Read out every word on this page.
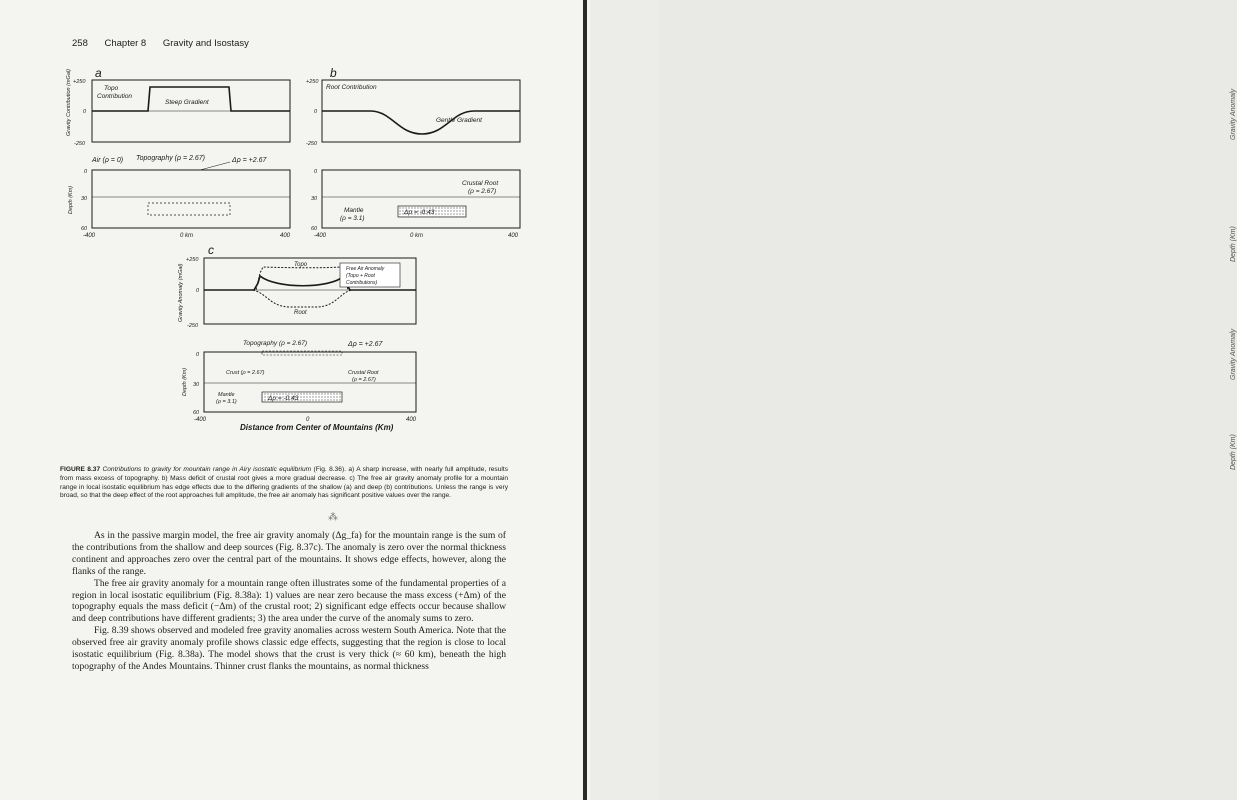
Gravity Anomaly
Depth (Km)
Gravity Anomaly
Depth (Km)
258 Chapter 8 Gravity and Isostasy
a
+250
0
-250
Gravity Contribution (mGal)	Topo
Contribution
Steep Gradient
Air (ρ = 0) Topography (ρ = 2.67)	Δρ = +2.67
0
30
60
Depth (Km)
-400	0 km	400
b
+250
0
-250
Root Contribution
Gentle Gradient
0
30
60
-400	0 km	400
Crustal Root
(ρ = 2.67)
Mantle
(ρ = 3.1)
Δρ = -0.43
c
+250
0
-250
Gravity Anomaly (mGal)	Topo
Root
Free Air Anomaly
(Topo + Root
Contributions)
Topography (ρ = 2.67)	Δρ = +2.67
0
30
60
Depth (Km)	Crust (ρ = 2.67)	Crustal Root
(ρ = 2.67)
Mantle
(ρ = 3.1)	Δρ = -0.43
-400	0	400
Distance from Center of Mountains (Km)
FIGURE 8.37 Contributions to gravity for mountain range in Airy isostatic equilibrium (Fig. 8.36). a) A sharp increase, with nearly full amplitude, results from mass excess of topography. b) Mass deficit of crustal root gives a more gradual decrease. c) The free air gravity anomaly profile for a mountain range in local isostatic equilibrium has edge effects due to the differing gradients of the shallow (a) and deep (b) contributions. Unless the range is very broad, so that the deep effect of the root approaches full amplitude, the free air anomaly has significant positive values over the range.
⁂

As in the passive margin model, the free air gravity anomaly (Δg_fa) for the mountain range is the sum of the contributions from the shallow and deep sources (Fig. 8.37c). The anomaly is zero over the normal thickness continent and approaches zero over the central part of the mountains. It shows edge effects, however, along the flanks of the range.

The free air gravity anomaly for a mountain range often illustrates some of the fundamental properties of a region in local isostatic equilibrium (Fig. 8.38a): 1) values are near zero because the mass excess (+Δm) of the topography equals the mass deficit (−Δm) of the crustal root; 2) significant edge effects occur because shallow and deep contributions have different gradients; 3) the area under the curve of the anomaly sums to zero.

Fig. 8.39 shows observed and modeled free gravity anomalies across western South America. Note that the observed free air gravity anomaly profile shows classic edge effects, suggesting that the region is close to local isostatic equilibrium (Fig. 8.38a). The model shows that the crust is very thick (≈ 60 km), beneath the high topography of the Andes Mountains. Thinner crust flanks the mountains, as normal thickness
